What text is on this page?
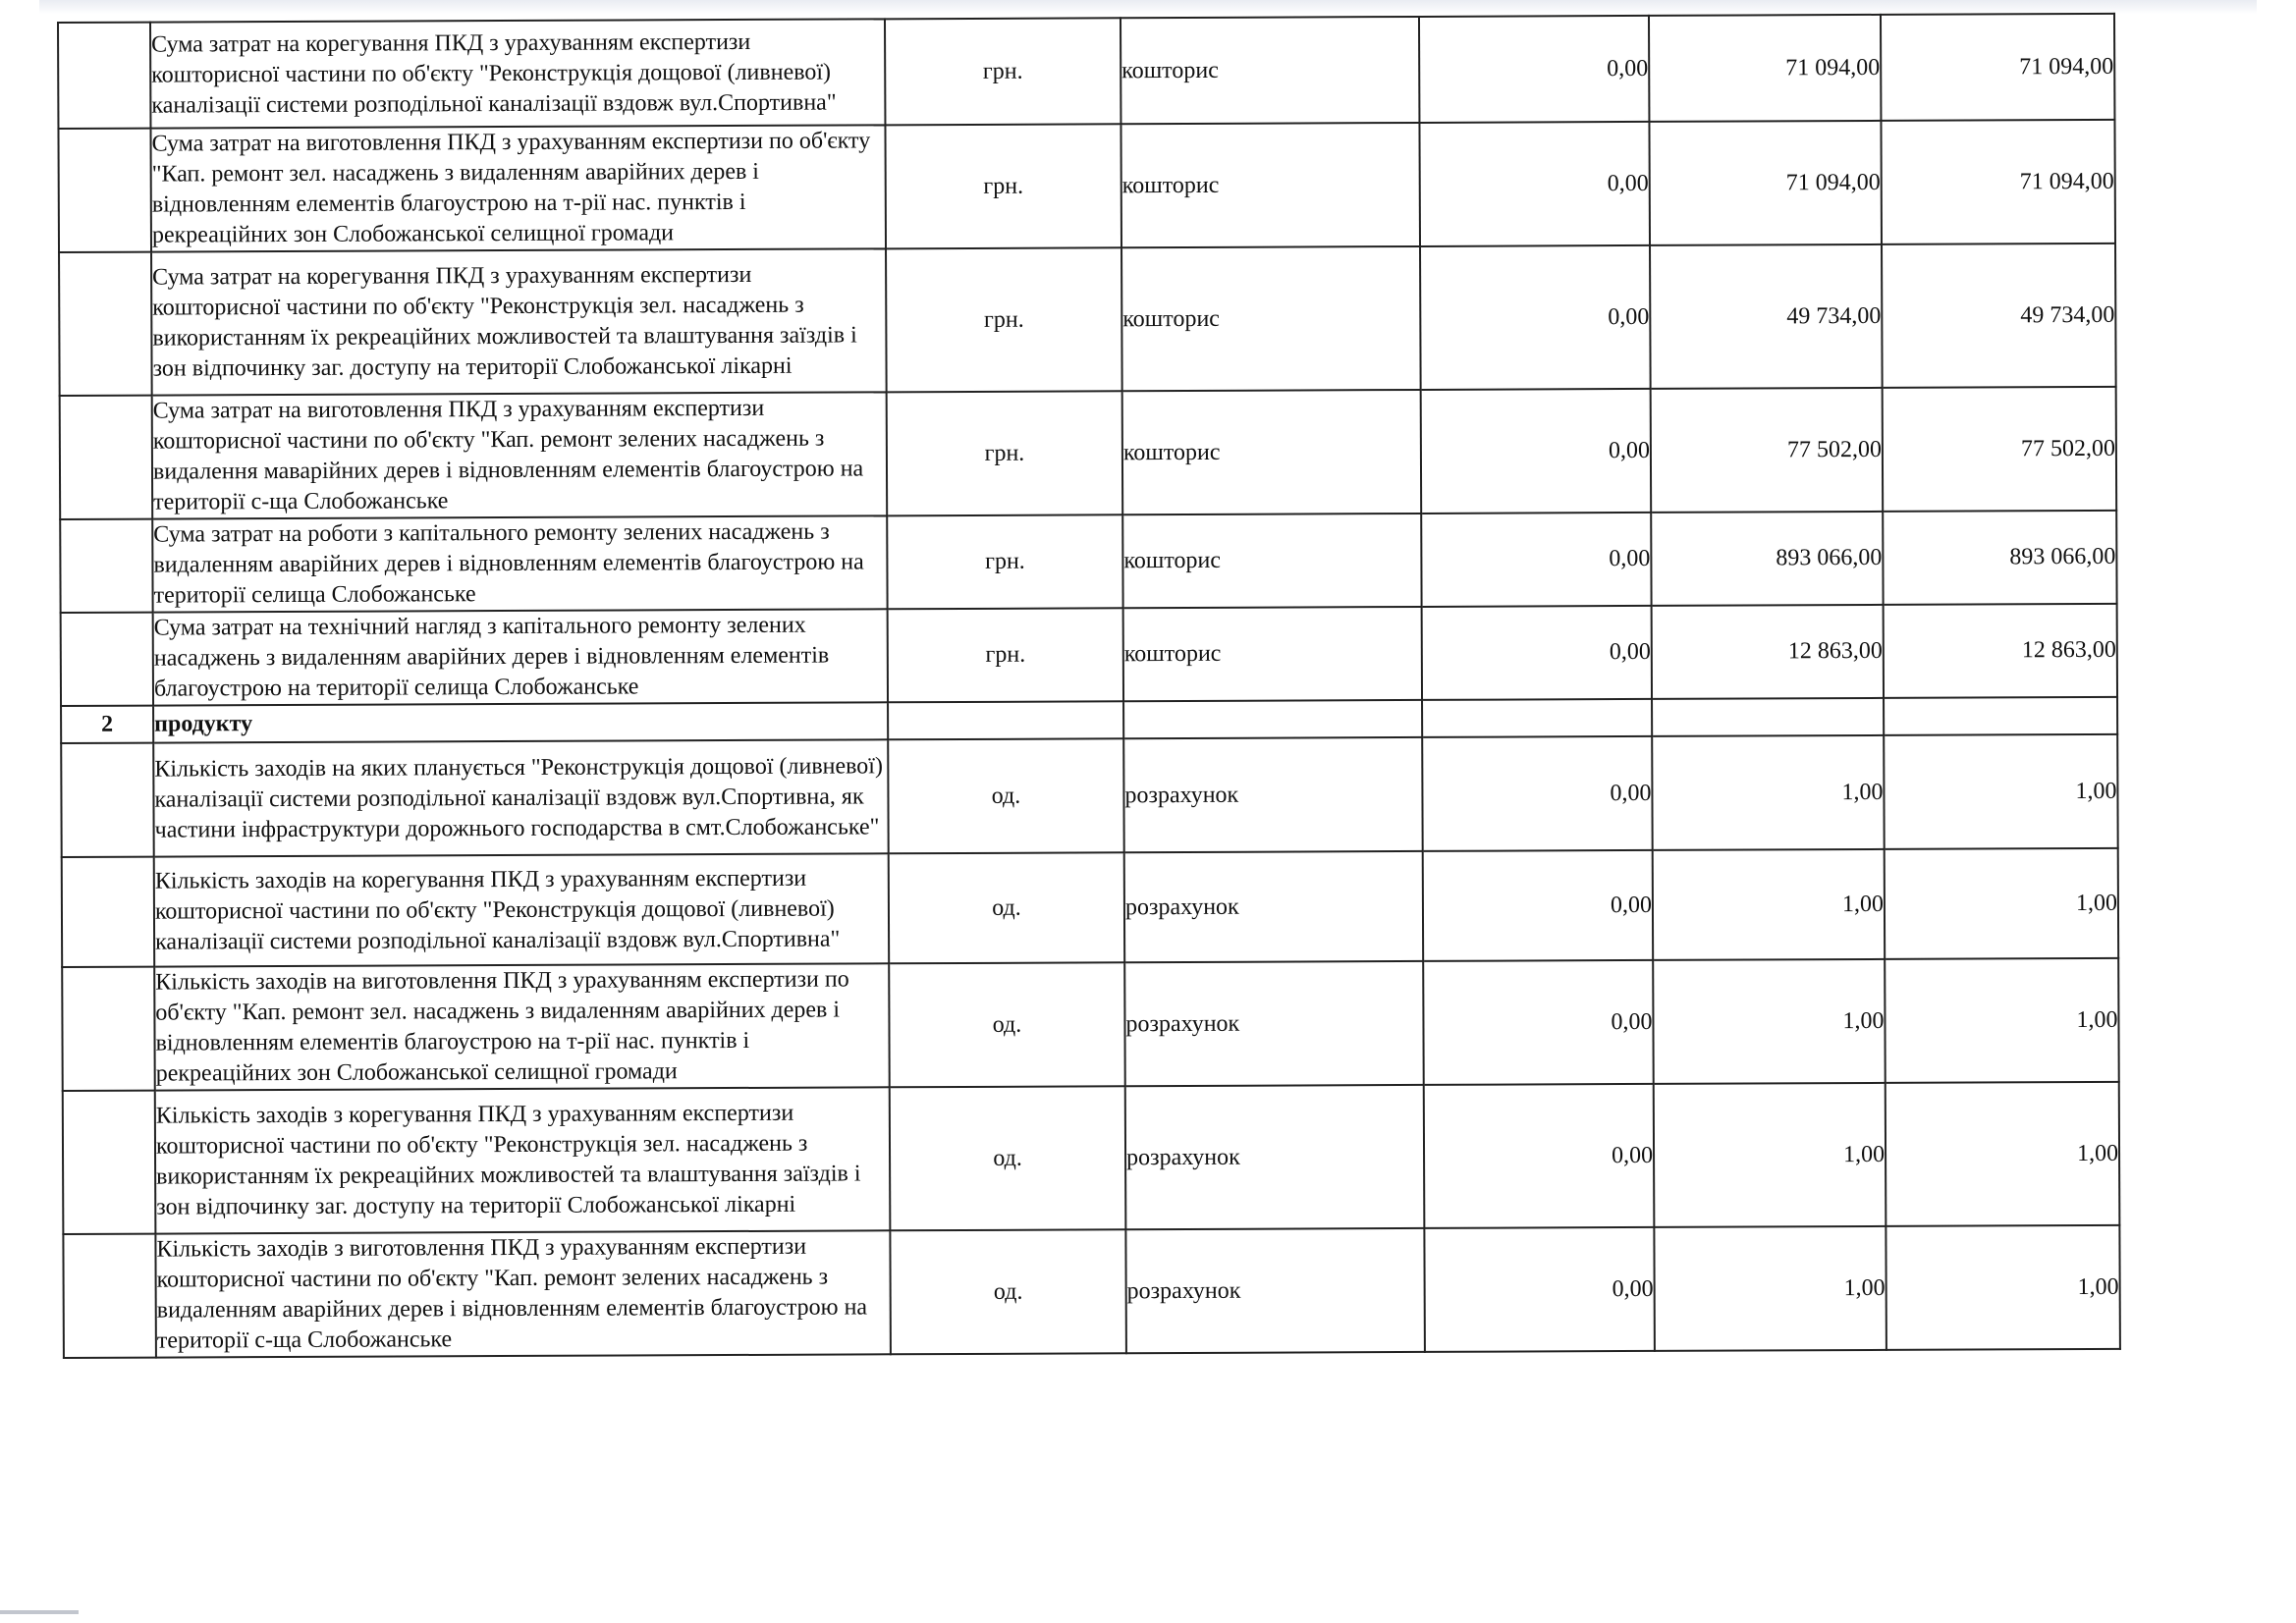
	Сума затрат на корегування ПКД з урахуванням експертизи кошторисної частини по об'єкту "Реконструкція дощової (ливневої) каналізації системи розподільної каналізації вздовж вул.Спортивна"	грн.	кошторис	0,00	71 094,00	71 094,00
	Сума затрат на виготовлення ПКД з урахуванням експертизи по об'єкту "Кап. ремонт зел. насаджень з видаленням аварійних дерев і відновленням елементів благоустрою на т-рії нас. пунктів і рекреаційних зон Слобожанської селищної громади	грн.	кошторис	0,00	71 094,00	71 094,00
	Сума затрат на корегування ПКД з урахуванням експертизи кошторисної частини по об'єкту "Реконструкція зел. насаджень з використанням їх рекреаційних можливостей та влаштування заїздів і зон відпочинку заг. доступу на території Слобожанської лікарні	грн.	кошторис	0,00	49 734,00	49 734,00
	Сума затрат на виготовлення ПКД з урахуванням експертизи кошторисної частини по об'єкту "Кап. ремонт зелених насаджень з видалення маварійних дерев і відновленням елементів благоустрою на території с-ща Слобожанське	грн.	кошторис	0,00	77 502,00	77 502,00
	Сума затрат на роботи з капітального ремонту зелених насаджень з видаленням аварійних дерев і відновленням елементів благоустрою на території селища Слобожанське	грн.	кошторис	0,00	893 066,00	893 066,00
	Сума затрат на технічний нагляд з капітального ремонту зелених насаджень з видаленням аварійних дерев і відновленням елементів благоустрою на території селища Слобожанське	грн.	кошторис	0,00	12 863,00	12 863,00
2	продукту					
	Кількість заходів на яких планується "Реконструкція дощової (ливневої) каналізації системи розподільної каналізації вздовж вул.Спортивна, як частини інфраструктури дорожнього господарства в смт.Слобожанське"	од.	розрахунок	0,00	1,00	1,00
	Кількість заходів на корегування ПКД з урахуванням експертизи кошторисної частини по об'єкту "Реконструкція дощової (ливневої) каналізації системи розподільної каналізації вздовж вул.Спортивна"	од.	розрахунок	0,00	1,00	1,00
	Кількість заходів на виготовлення ПКД з урахуванням експертизи по об'єкту "Кап. ремонт зел. насаджень з видаленням аварійних дерев і відновленням елементів благоустрою на т-рії нас. пунктів і рекреаційних зон Слобожанської селищної громади	од.	розрахунок	0,00	1,00	1,00
	Кількість заходів з корегування ПКД з урахуванням експертизи кошторисної частини по об'єкту "Реконструкція зел. насаджень з використанням їх рекреаційних можливостей та влаштування заїздів і зон відпочинку заг. доступу на території Слобожанської лікарні	од.	розрахунок	0,00	1,00	1,00
	Кількість заходів з виготовлення ПКД з урахуванням експертизи кошторисної частини по об'єкту "Кап. ремонт зелених насаджень з видаленням аварійних дерев і відновленням елементів благоустрою на території с-ща Слобожанське	од.	розрахунок	0,00	1,00	1,00
